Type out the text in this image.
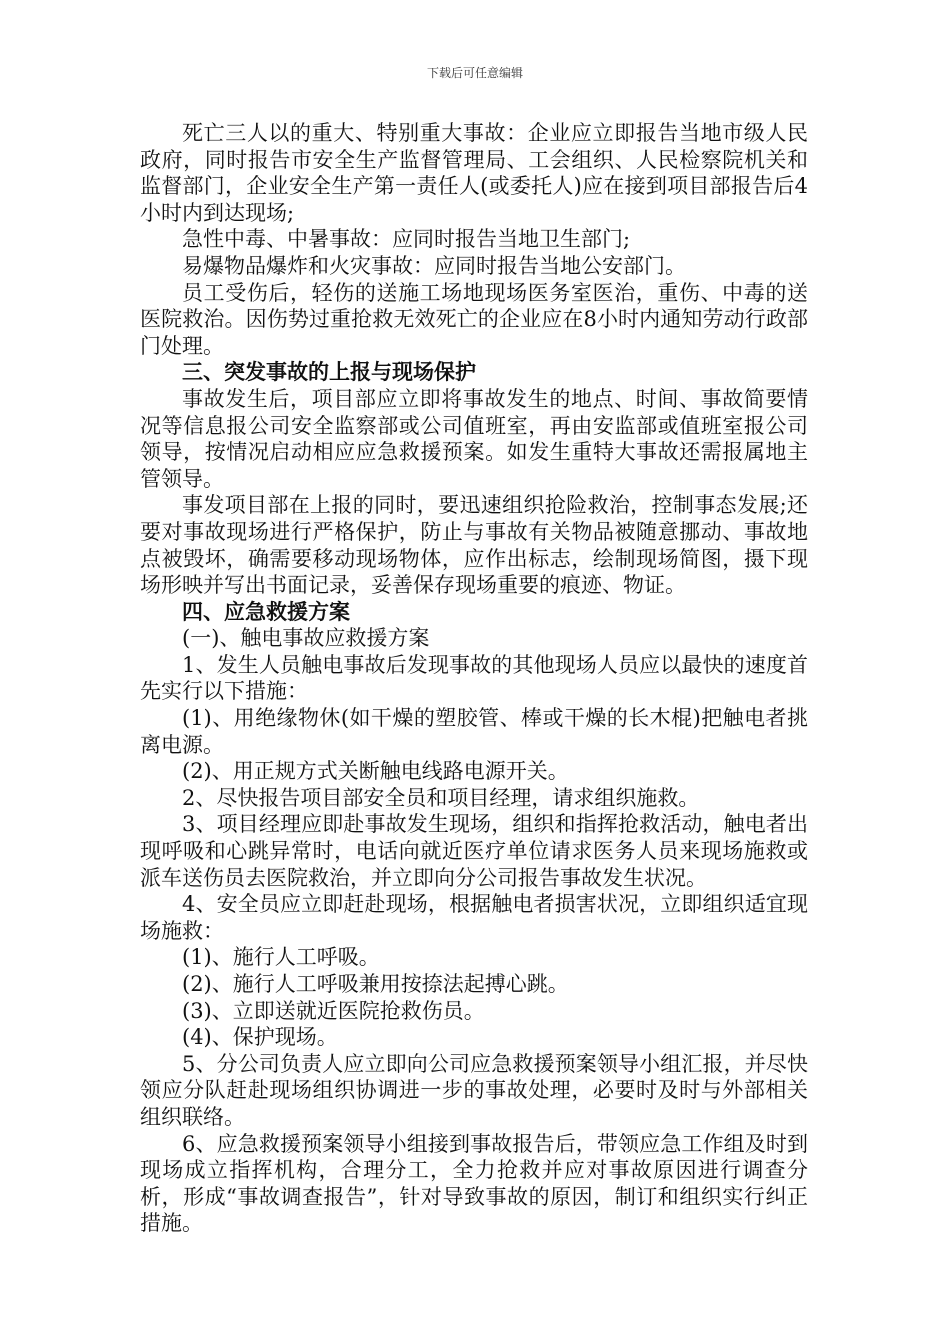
下载后可任意编辑

死亡三人以的重大、特别重大事故：企业应立即报告当地市级人民政府，同时报告市安全生产监督管理局、工会组织、人民检察院机关和监督部门，企业安全生产第一责任人(或委托人)应在接到项目部报告后4小时内到达现场;

急性中毒、中暑事故：应同时报告当地卫生部门;

易爆物品爆炸和火灾事故：应同时报告当地公安部门。

员工受伤后，轻伤的送施工场地现场医务室医治，重伤、中毒的送医院救治。因伤势过重抢救无效死亡的企业应在8小时内通知劳动行政部门处理。

三、突发事故的上报与现场保护

事故发生后，项目部应立即将事故发生的地点、时间、事故简要情况等信息报公司安全监察部或公司值班室，再由安监部或值班室报公司领导，按情况启动相应应急救援预案。如发生重特大事故还需报属地主管领导。

事发项目部在上报的同时，要迅速组织抢险救治，控制事态发展;还要对事故现场进行严格保护，防止与事故有关物品被随意挪动、事故地点被毁坏，确需要移动现场物体，应作出标志，绘制现场简图，摄下现场形映并写出书面记录，妥善保存现场重要的痕迹、物证。

四、应急救援方案

(一)、触电事故应救援方案

1、发生人员触电事故后发现事故的其他现场人员应以最快的速度首先实行以下措施：

(1)、用绝缘物休(如干燥的塑胶管、棒或干燥的长木棍)把触电者挑离电源。

(2)、用正规方式关断触电线路电源开关。

2、尽快报告项目部安全员和项目经理，请求组织施救。

3、项目经理应即赴事故发生现场，组织和指挥抢救活动，触电者出现呼吸和心跳异常时，电话向就近医疗单位请求医务人员来现场施救或派车送伤员去医院救治，并立即向分公司报告事故发生状况。

4、安全员应立即赶赴现场，根据触电者损害状况，立即组织适宜现场施救：

(1)、施行人工呼吸。

(2)、施行人工呼吸兼用按捺法起搏心跳。

(3)、立即送就近医院抢救伤员。

(4)、保护现场。

5、分公司负责人应立即向公司应急救援预案领导小组汇报，并尽快领应分队赶赴现场组织协调进一步的事故处理，必要时及时与外部相关组织联络。

6、应急救援预案领导小组接到事故报告后，带领应急工作组及时到现场成立指挥机构，合理分工，全力抢救并应对事故原因进行调查分析，形成“事故调查报告”，针对导致事故的原因，制订和组织实行纠正措施。
